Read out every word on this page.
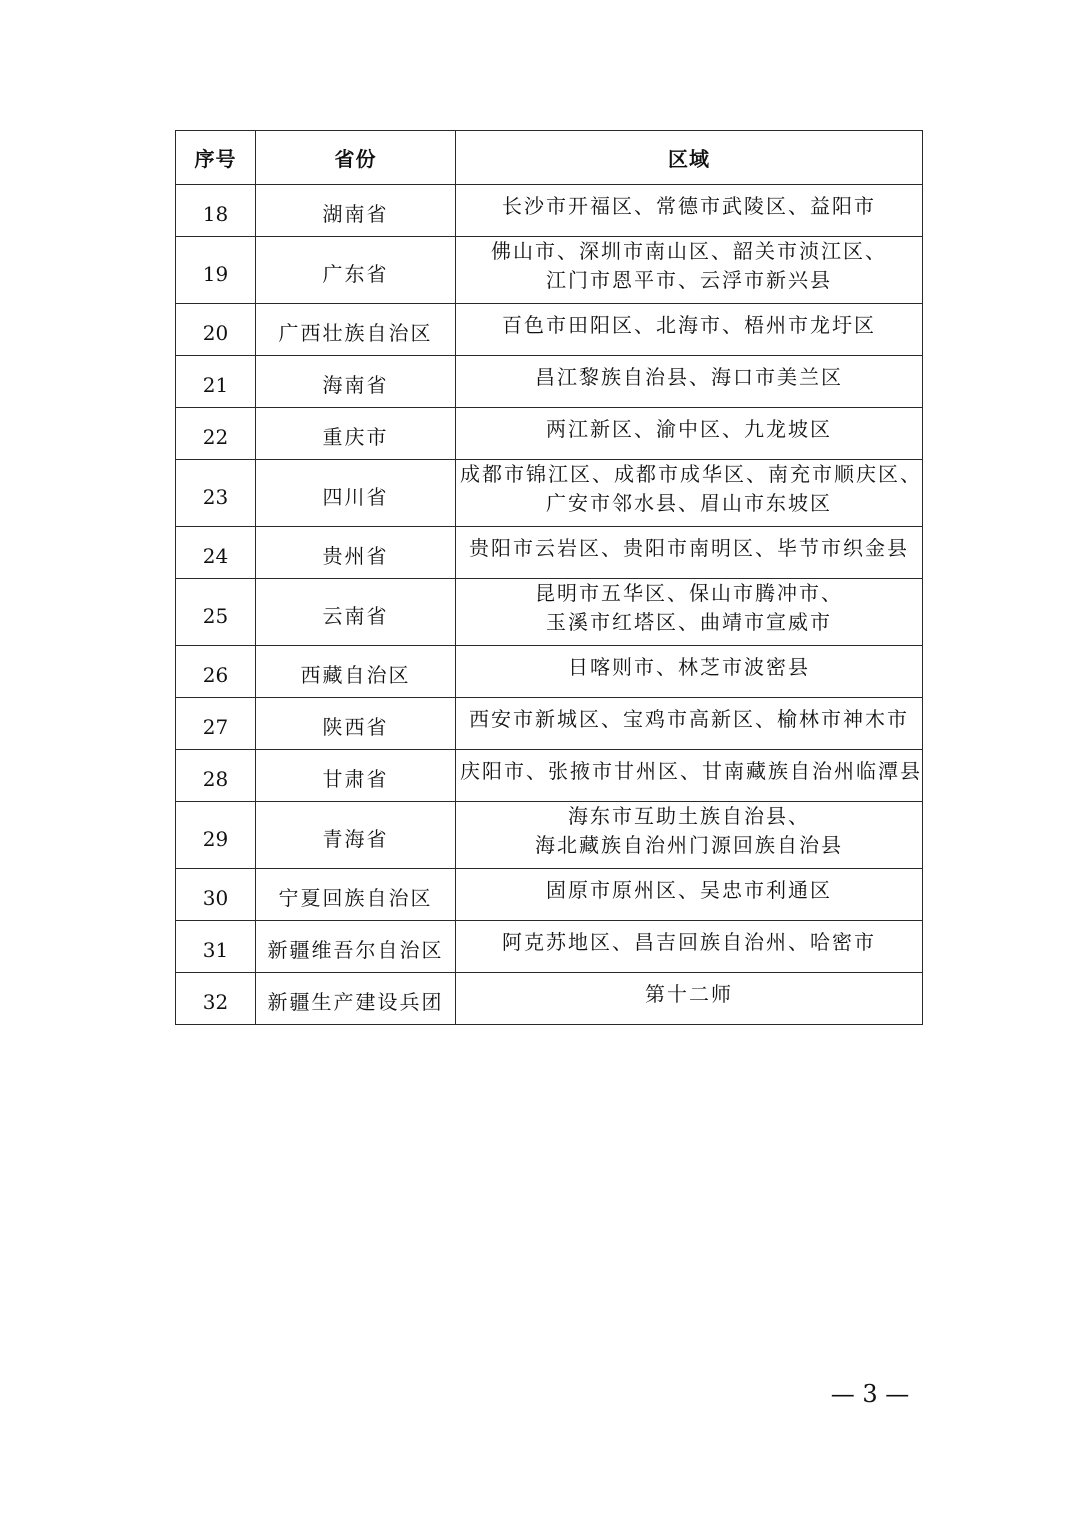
序号	省份	区域
18	湖南省	长沙市开福区、常德市武陵区、益阳市

19	广东省	佛山市、深圳市南山区、韶关市浈江区、
江门市恩平市、云浮市新兴县

20	广西壮族自治区	百色市田阳区、北海市、梧州市龙圩区

21	海南省	昌江黎族自治县、海口市美兰区

22	重庆市	两江新区、渝中区、九龙坡区

23	四川省	成都市锦江区、成都市成华区、南充市顺庆区、
广安市邻水县、眉山市东坡区

24	贵州省	贵阳市云岩区、贵阳市南明区、毕节市织金县

25	云南省	昆明市五华区、保山市腾冲市、
玉溪市红塔区、曲靖市宣威市

26	西藏自治区	日喀则市、林芝市波密县

27	陕西省	西安市新城区、宝鸡市高新区、榆林市神木市

28	甘肃省	庆阳市、张掖市甘州区、甘南藏族自治州临潭县

29	青海省	海东市互助土族自治县、
海北藏族自治州门源回族自治县

30	宁夏回族自治区	固原市原州区、吴忠市利通区

31	新疆维吾尔自治区	阿克苏地区、昌吉回族自治州、哈密市

32	新疆生产建设兵团	第十二师
— 3 —
